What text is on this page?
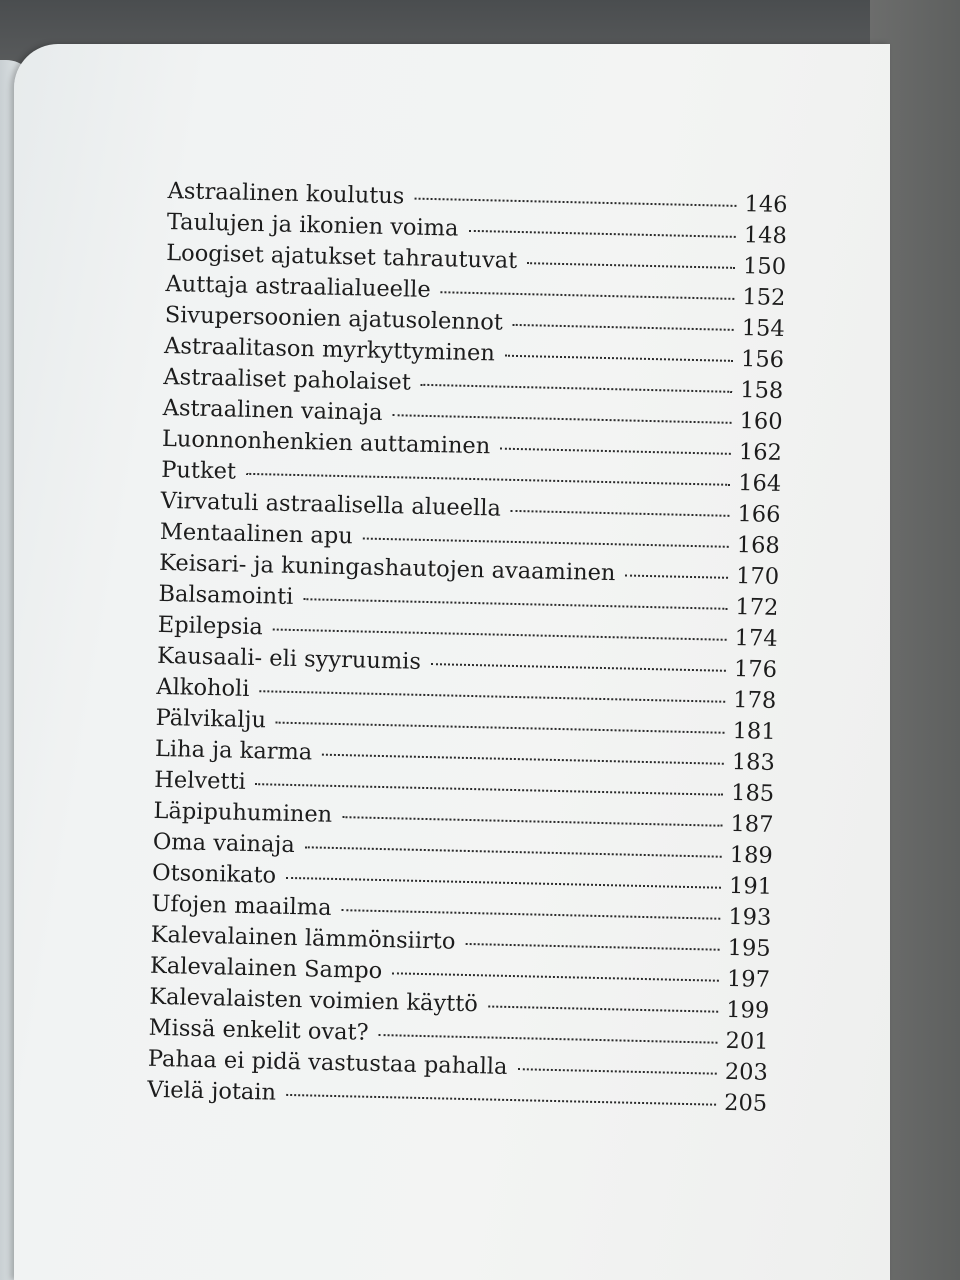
Astraalinen koulutus	146
Taulujen ja ikonien voima	148
Loogiset ajatukset tahrautuvat	150
Auttaja astraalialueelle	152
Sivupersoonien ajatusolennot	154
Astraalitason myrkyttyminen	156
Astraaliset paholaiset	158
Astraalinen vainaja	160
Luonnonhenkien auttaminen	162
Putket	164
Virvatuli astraalisella alueella	166
Mentaalinen apu	168
Keisari- ja kuningashautojen avaaminen	170
Balsamointi	172
Epilepsia	174
Kausaali- eli syyruumis	176
Alkoholi	178
Pälvikalju	181
Liha ja karma	183
Helvetti	185
Läpipuhuminen	187
Oma vainaja	189
Otsonikato	191
Ufojen maailma	193
Kalevalainen lämmönsiirto	195
Kalevalainen Sampo	197
Kalevalaisten voimien käyttö	199
Missä enkelit ovat?	201
Pahaa ei pidä vastustaa pahalla	203
Vielä jotain	205
